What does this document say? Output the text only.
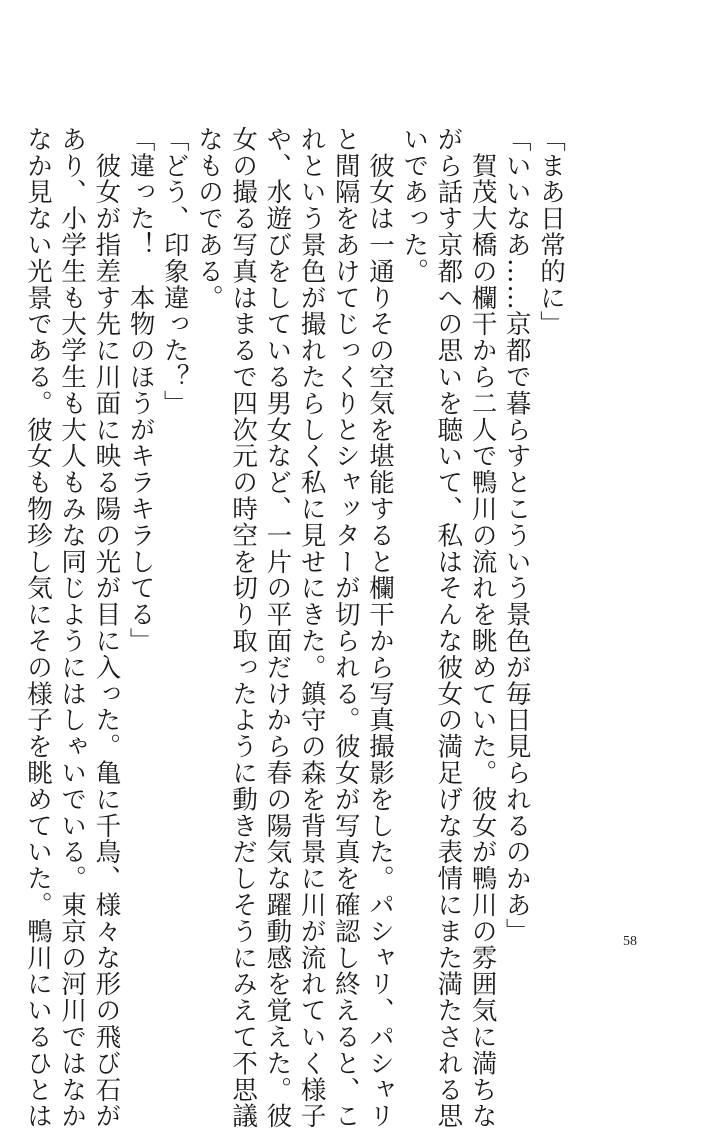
「まあ日常的に」
「いいなあ……京都で暮らすとこういう景色が毎日見られるのかあ」
　賀茂大橋の欄干から二人で鴨川の流れを眺めていた。彼女が鴨川の雰囲気に満ちな
がら話す京都への思いを聴いて、私はそんな彼女の満足げな表情にまた満たされる思
いであった。
　彼女は一通りその空気を堪能すると欄干から写真撮影をした。パシャリ、パシャリ
と間隔をあけてじっくりとシャッターが切られる。彼女が写真を確認し終えると、こ
れという景色が撮れたらしく私に見せにきた。鎮守の森を背景に川が流れていく様子
や、水遊びをしている男女など、一片の平面だけから春の陽気な躍動感を覚えた。彼
女の撮る写真はまるで四次元の時空を切り取ったように動きだしそうにみえて不思議
なものである。
「どう、印象違った？」
「違った！　本物のほうがキラキラしてる」
　彼女が指差す先に川面に映る陽の光が目に入った。亀に千鳥、様々な形の飛び石が
あり、小学生も大学生も大人もみな同じようにはしゃいでいる。東京の河川ではなか
なか見ない光景である。彼女も物珍し気にその様子を眺めていた。鴨川にいるひとは	58
